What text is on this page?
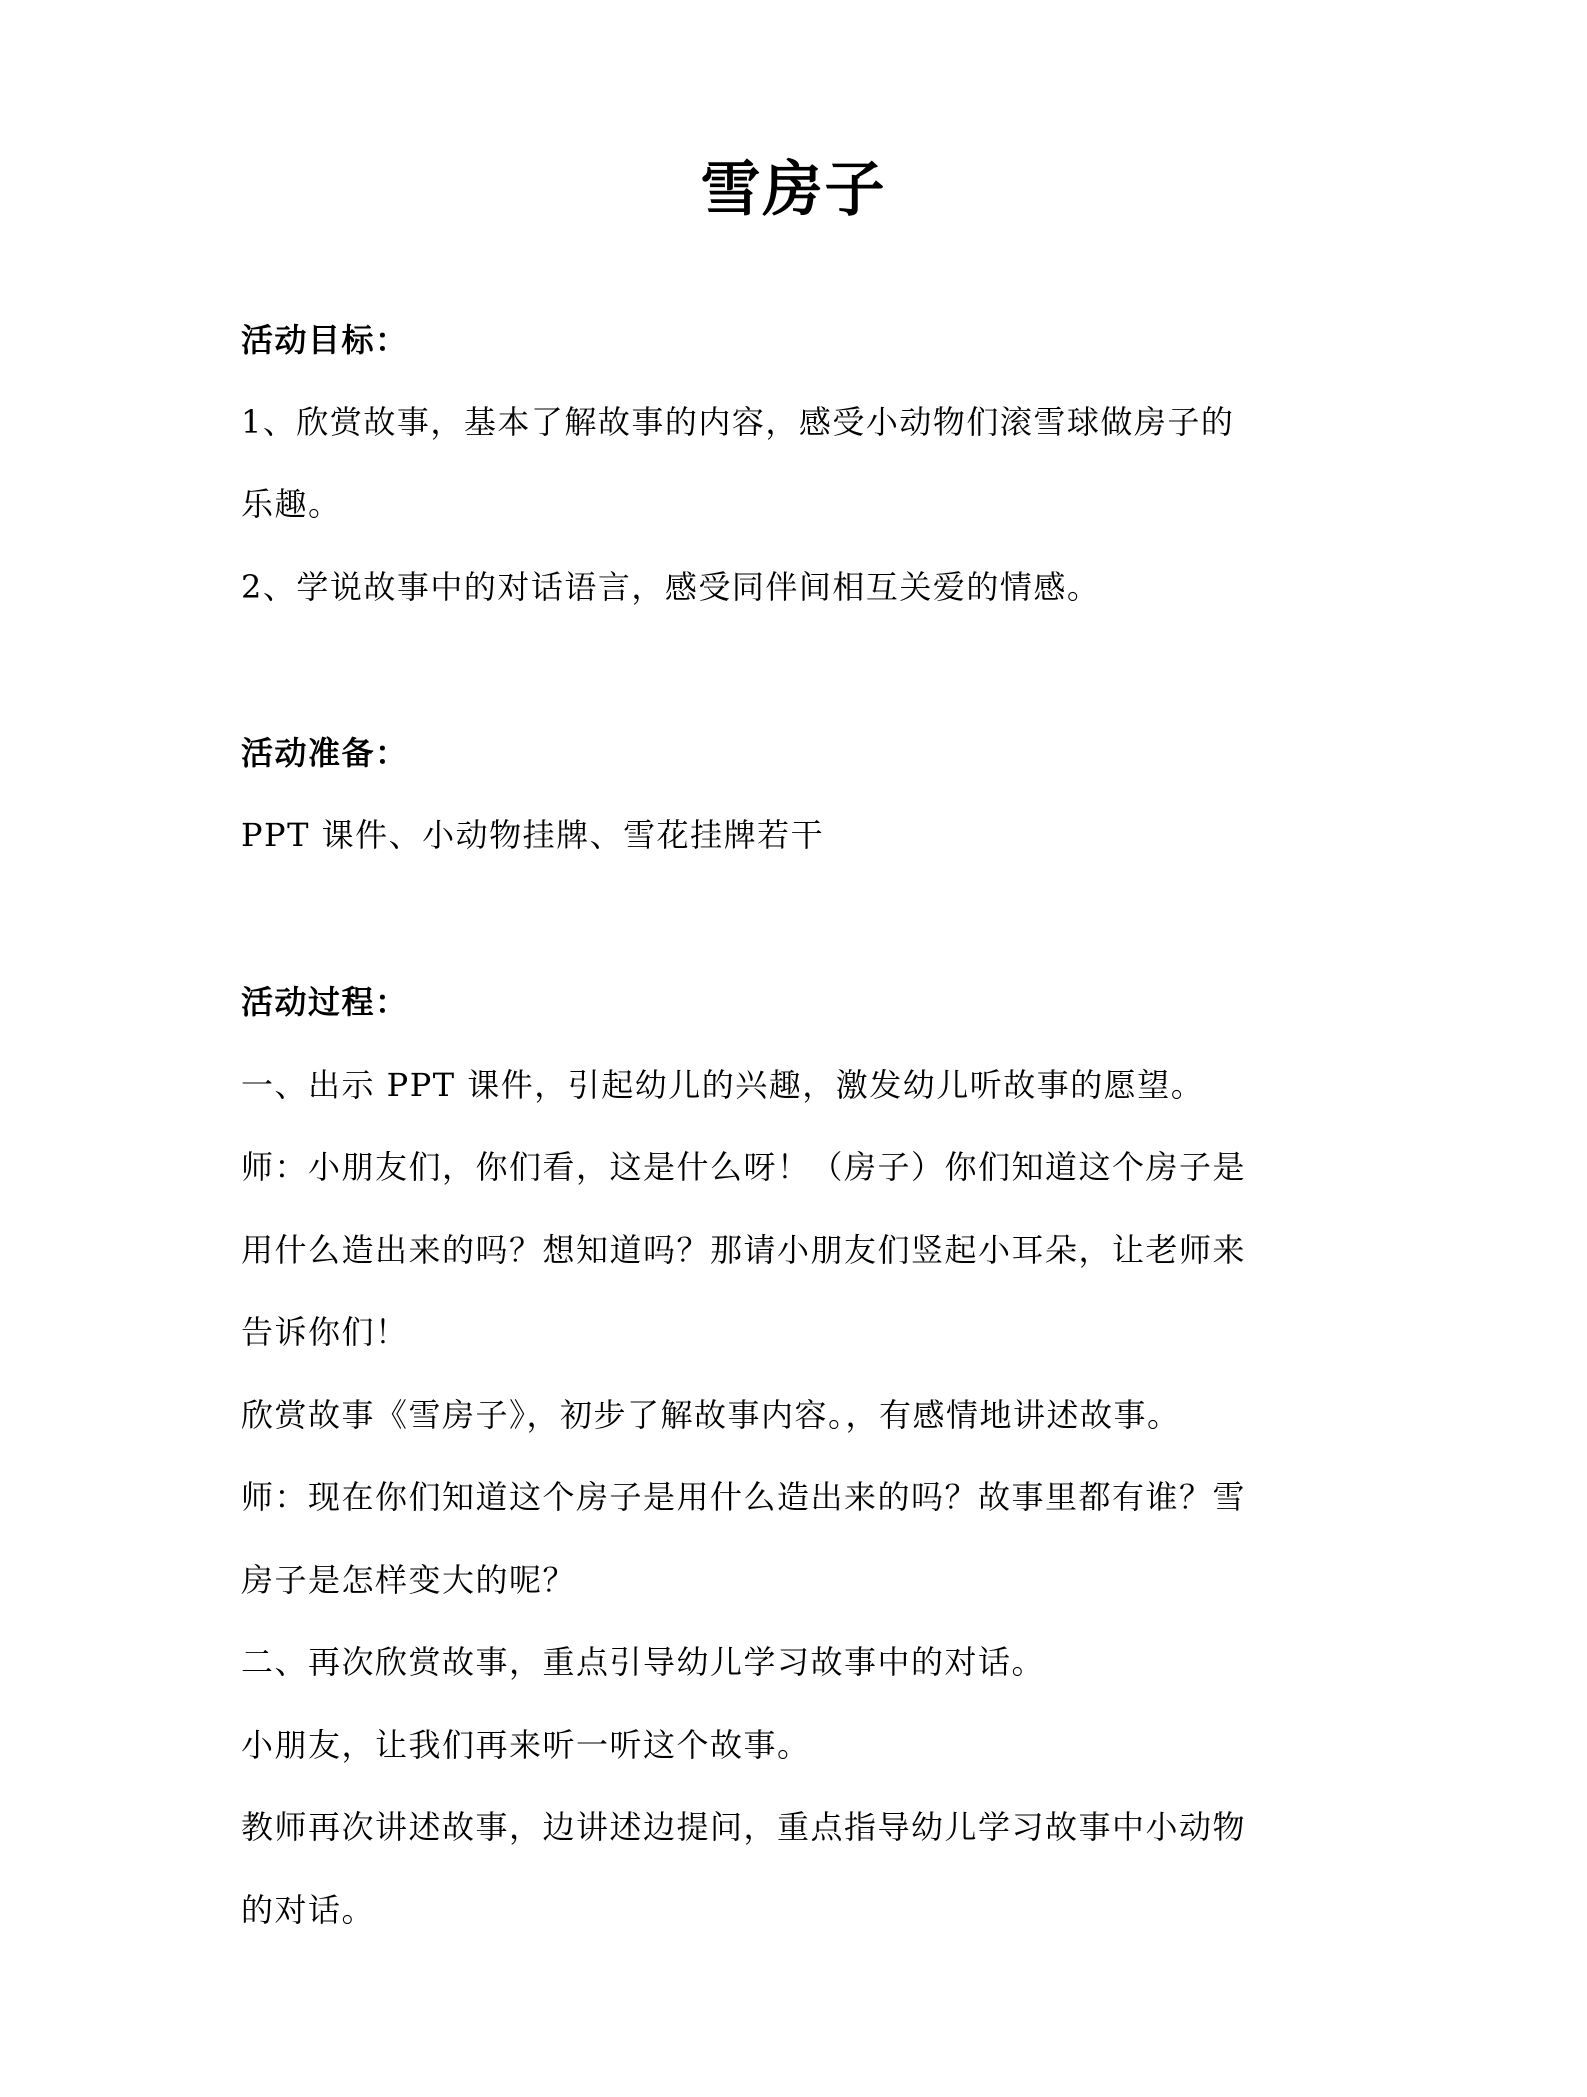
雪房子
活动目标：
1、欣赏故事，基本了解故事的内容，感受小动物们滚雪球做房子的
乐趣。
2、学说故事中的对话语言，感受同伴间相互关爱的情感。
活动准备：
PPT 课件、小动物挂牌、雪花挂牌若干
活动过程：
一、出示 PPT 课件，引起幼儿的兴趣，激发幼儿听故事的愿望。
师：小朋友们，你们看，这是什么呀！（房子）你们知道这个房子是
用什么造出来的吗？想知道吗？那请小朋友们竖起小耳朵，让老师来
告诉你们！
欣赏故事《雪房子》，初步了解故事内容。，有感情地讲述故事。
师：现在你们知道这个房子是用什么造出来的吗？故事里都有谁？雪
房子是怎样变大的呢？
二、再次欣赏故事，重点引导幼儿学习故事中的对话。
小朋友，让我们再来听一听这个故事。
教师再次讲述故事，边讲述边提问，重点指导幼儿学习故事中小动物
的对话。
